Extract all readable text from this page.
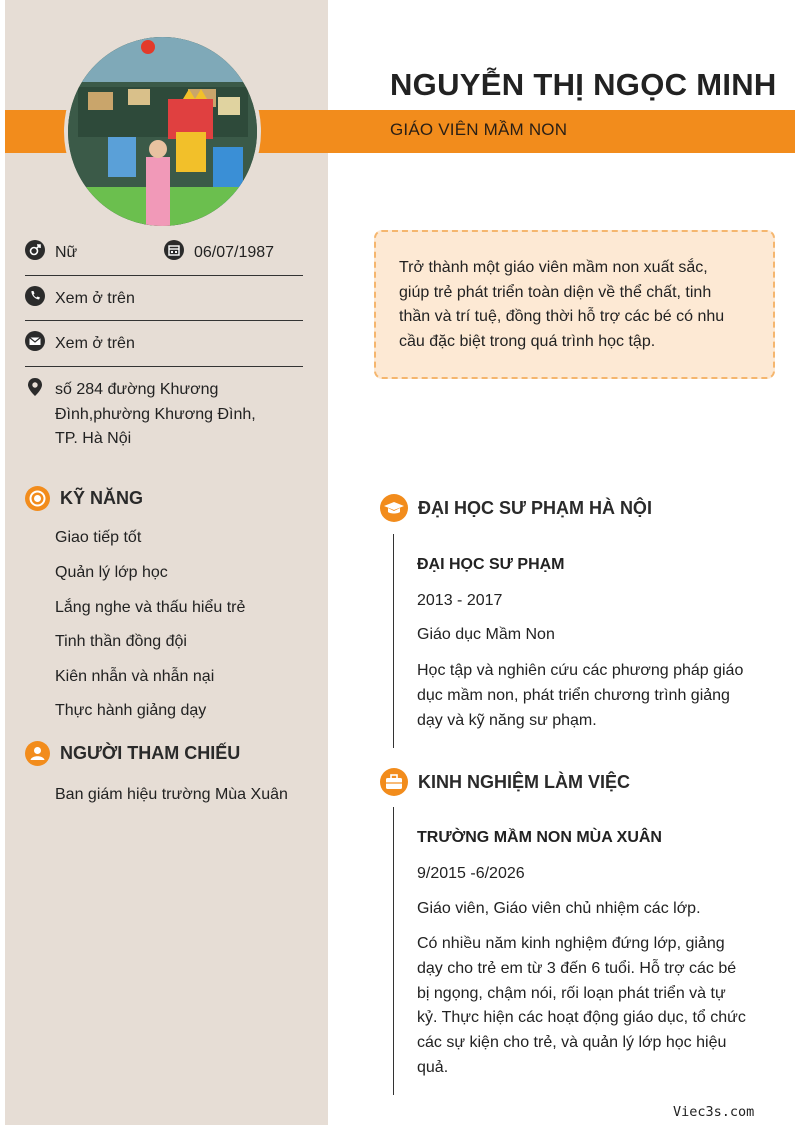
NGUYỄN THỊ NGỌC MINH
GIÁO VIÊN MẦM NON
Nữ	06/07/1987
Xem ở trên
Xem ở trên
số 284 đường Khương
Đình,phường Khương Đình,
TP. Hà Nội
KỸ NĂNG
Giao tiếp tốt
Quản lý lớp học
Lắng nghe và thấu hiểu trẻ
Tinh thần đồng đội
Kiên nhẫn và nhẫn nại
Thực hành giảng dạy
NGƯỜI THAM CHIẾU
Ban giám hiệu trường Mùa Xuân
Trở thành một giáo viên mầm non xuất sắc,
giúp trẻ phát triển toàn diện về thể chất, tinh
thần và trí tuệ, đồng thời hỗ trợ các bé có nhu
cầu đặc biệt trong quá trình học tập.
ĐẠI HỌC SƯ PHẠM HÀ NỘI
ĐẠI HỌC SƯ PHẠM
2013 - 2017
Giáo dục Mầm Non
Học tập và nghiên cứu các phương pháp giáo
dục mầm non, phát triển chương trình giảng
dạy và kỹ năng sư phạm.
KINH NGHIỆM LÀM VIỆC
TRƯỜNG MẦM NON MÙA XUÂN
9/2015 -6/2026
Giáo viên, Giáo viên chủ nhiệm các lớp.
Có nhiều năm kinh nghiệm đứng lớp, giảng
dạy cho trẻ em từ 3 đến 6 tuổi. Hỗ trợ các bé
bị ngọng, chậm nói, rối loạn phát triển và tự
kỷ. Thực hiện các hoạt động giáo dục, tổ chức
các sự kiện cho trẻ, và quản lý lớp học hiệu
quả.
Viec3s.com
